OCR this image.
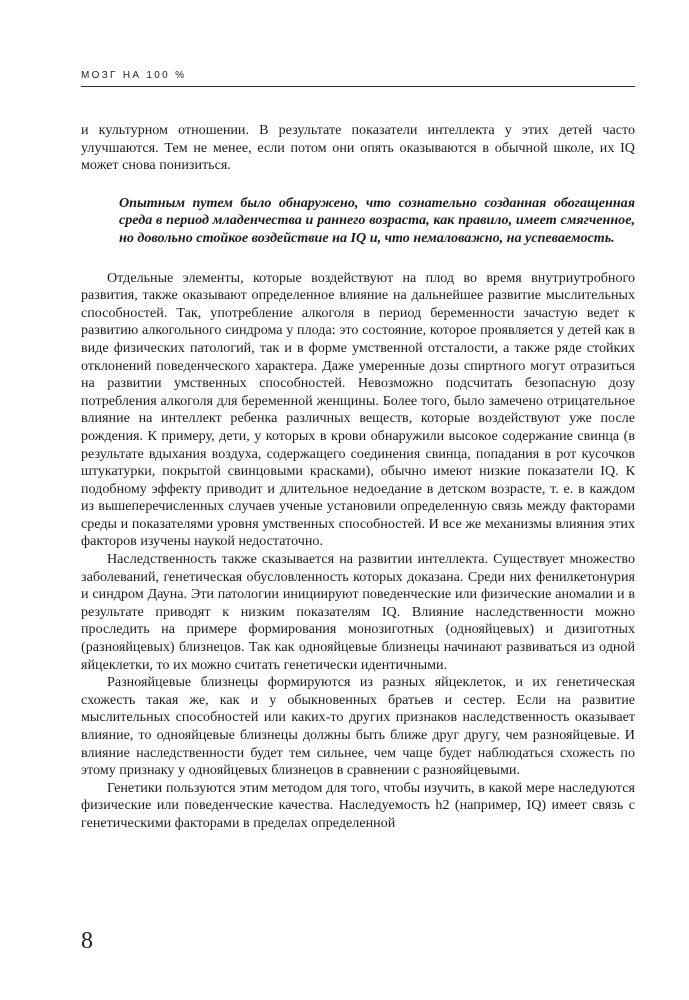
МОЗГ НА 100 %

и культурном отношении. В результате показатели интеллекта у этих детей часто улучшаются. Тем не менее, если потом они опять оказываются в обычной школе, их IQ может снова понизиться.

Опытным путем было обнаружено, что сознательно созданная обогащенная среда в период младенчества и раннего возраста, как правило, имеет смягченное, но довольно стойкое воздействие на IQ и, что немаловажно, на успеваемость.

Отдельные элементы, которые воздействуют на плод во время внутриутробного развития, также оказывают определенное влияние на дальнейшее развитие мыслительных способностей. Так, употребление алкоголя в период беременности зачастую ведет к развитию алкогольного синдрома у плода: это состояние, которое проявляется у детей как в виде физических патологий, так и в форме умственной отсталости, а также ряде стойких отклонений поведенческого характера. Даже умеренные дозы спиртного могут отразиться на развитии умственных способностей. Невозможно подсчитать безопасную дозу потребления алкоголя для беременной женщины. Более того, было замечено отрицательное влияние на интеллект ребенка различных веществ, которые воздействуют уже после рождения. К примеру, дети, у которых в крови обнаружили высокое содержание свинца (в результате вдыхания воздуха, содержащего соединения свинца, попадания в рот кусочков штукатурки, покрытой свинцовыми красками), обычно имеют низкие показатели IQ. К подобному эффекту приводит и длительное недоедание в детском возрасте, т. е. в каждом из вышеперечисленных случаев ученые установили определенную связь между факторами среды и показателями уровня умственных способностей. И все же механизмы влияния этих факторов изучены наукой недостаточно.

Наследственность также сказывается на развитии интеллекта. Существует множество заболеваний, генетическая обусловленность которых доказана. Среди них фенилкетонурия и синдром Дауна. Эти патологии инициируют поведенческие или физические аномалии и в результате приводят к низким показателям IQ. Влияние наследственности можно проследить на примере формирования монозиготных (однояйцевых) и дизиготных (разнояйцевых) близнецов. Так как однояйцевые близнецы начинают развиваться из одной яйцеклетки, то их можно считать генетически идентичными.

Разнояйцевые близнецы формируются из разных яйцеклеток, и их генетическая схожесть такая же, как и у обыкновенных братьев и сестер. Если на развитие мыслительных способностей или каких-то других признаков наследственность оказывает влияние, то однояйцевые близнецы должны быть ближе друг другу, чем разнояйцевые. И влияние наследственности будет тем сильнее, чем чаще будет наблюдаться схожесть по этому признаку у однояйцевых близнецов в сравнении с разнояйцевыми.

Генетики пользуются этим методом для того, чтобы изучить, в какой мере наследуются физические или поведенческие качества. Наследуемость h2 (например, IQ) имеет связь с генетическими факторами в пределах определенной

8
